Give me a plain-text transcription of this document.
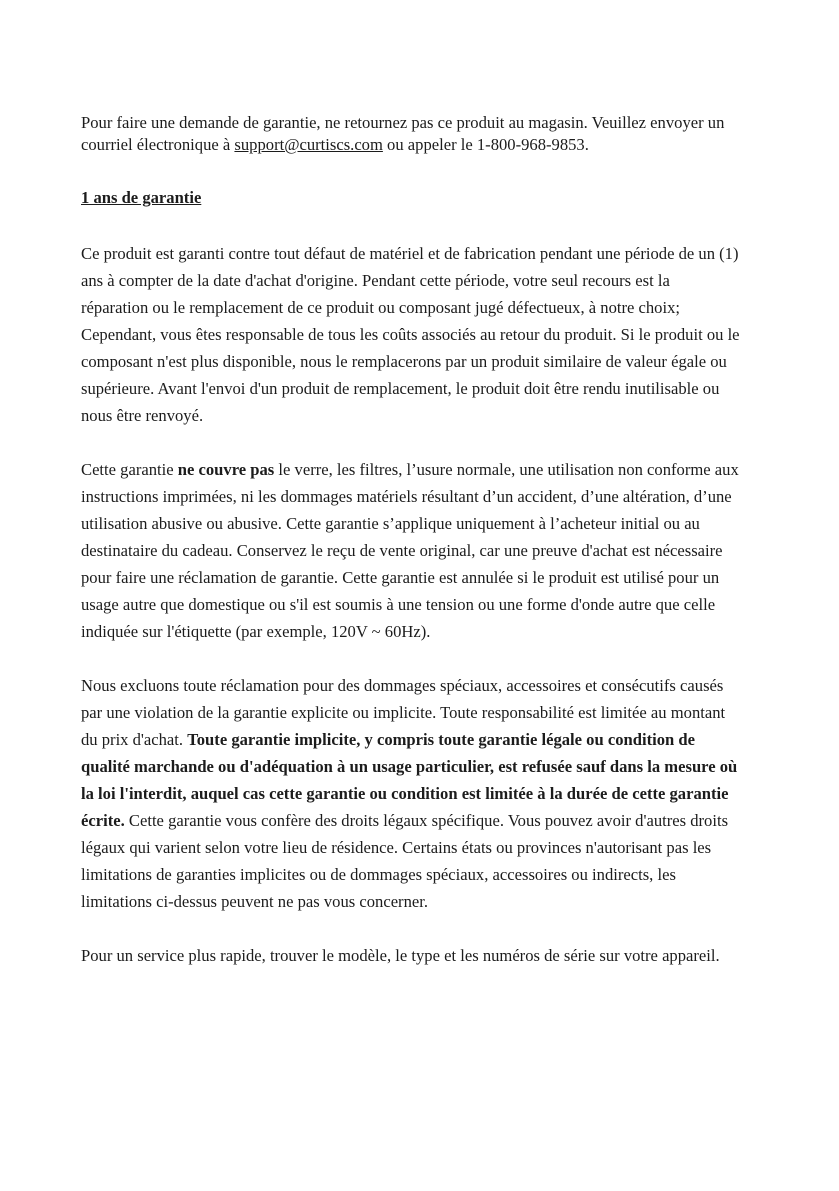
Pour faire une demande de garantie, ne retournez pas ce produit au magasin. Veuillez envoyer un courriel électronique à support@curtiscs.com ou appeler le 1-800-968-9853.

1 ans de garantie

Ce produit est garanti contre tout défaut de matériel et de fabrication pendant une période de un (1) ans à compter de la date d'achat d'origine. Pendant cette période, votre seul recours est la réparation ou le remplacement de ce produit ou composant jugé défectueux, à notre choix; Cependant, vous êtes responsable de tous les coûts associés au retour du produit. Si le produit ou le composant n'est plus disponible, nous le remplacerons par un produit similaire de valeur égale ou supérieure. Avant l'envoi d'un produit de remplacement, le produit doit être rendu inutilisable ou nous être renvoyé.

Cette garantie ne couvre pas le verre, les filtres, l’usure normale, une utilisation non conforme aux instructions imprimées, ni les dommages matériels résultant d’un accident, d’une altération, d’une utilisation abusive ou abusive. Cette garantie s’applique uniquement à l’acheteur initial ou au destinataire du cadeau. Conservez le reçu de vente original, car une preuve d'achat est nécessaire pour faire une réclamation de garantie. Cette garantie est annulée si le produit est utilisé pour un usage autre que domestique ou s'il est soumis à une tension ou une forme d'onde autre que celle indiquée sur l'étiquette (par exemple, 120V ~ 60Hz).

Nous excluons toute réclamation pour des dommages spéciaux, accessoires et consécutifs causés par une violation de la garantie explicite ou implicite. Toute responsabilité est limitée au montant du prix d'achat. Toute garantie implicite, y compris toute garantie légale ou condition de qualité marchande ou d'adéquation à un usage particulier, est refusée sauf dans la mesure où la loi l'interdit, auquel cas cette garantie ou condition est limitée à la durée de cette garantie écrite. Cette garantie vous confère des droits légaux spécifique. Vous pouvez avoir d'autres droits légaux qui varient selon votre lieu de résidence. Certains états ou provinces n'autorisant pas les limitations de garanties implicites ou de dommages spéciaux, accessoires ou indirects, les limitations ci-dessus peuvent ne pas vous concerner.

Pour un service plus rapide, trouver le modèle, le type et les numéros de série sur votre appareil.
